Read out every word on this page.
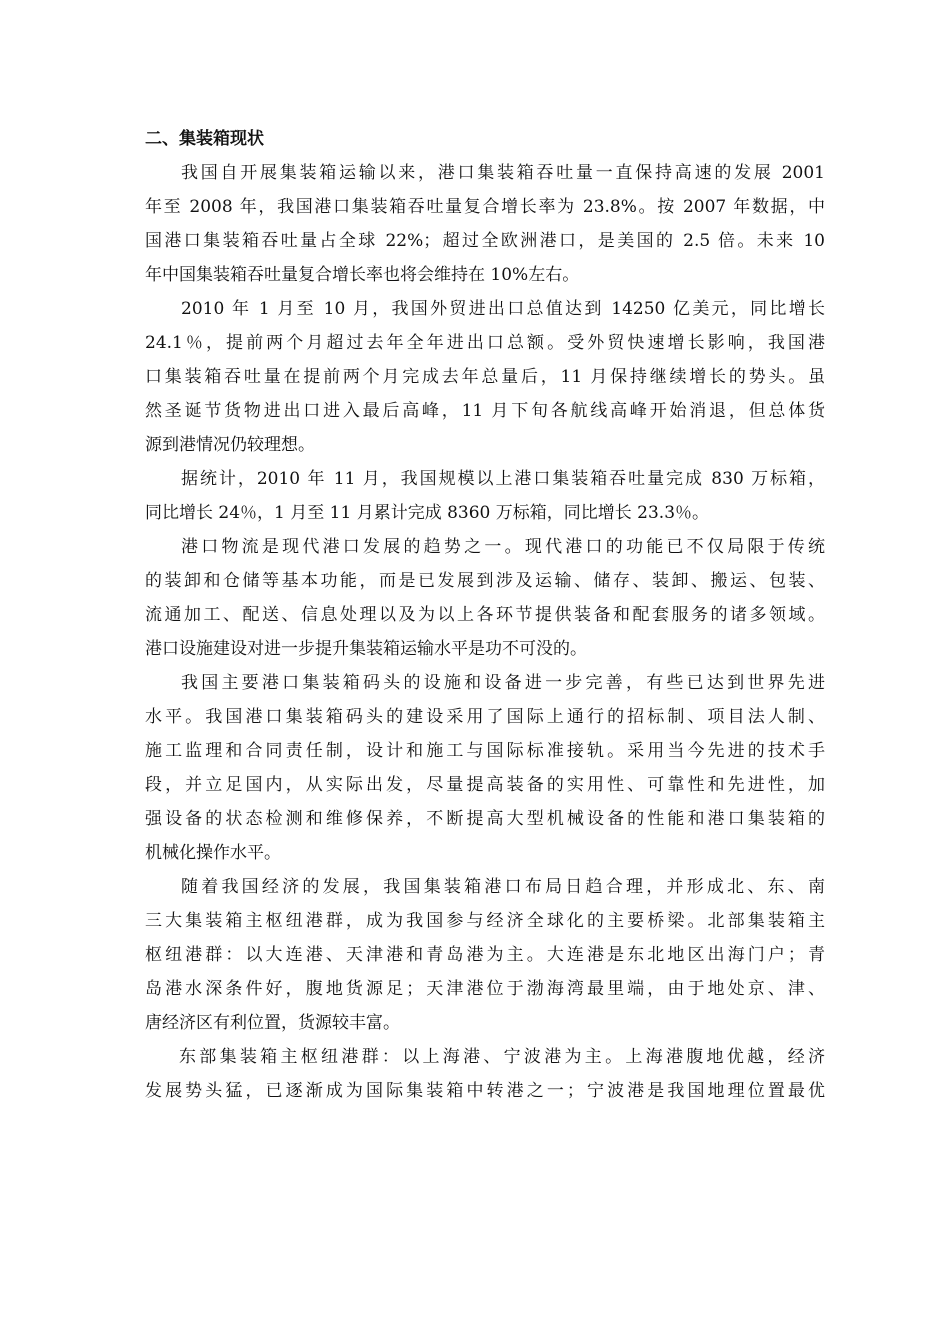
二、集装箱现状
我国自开展集装箱运输以来，港口集装箱吞吐量一直保持高速的发展 2001
年至 2008 年，我国港口集装箱吞吐量复合增长率为 23.8%。按 2007 年数据，中
国港口集装箱吞吐量占全球 22%；超过全欧洲港口，是美国的 2.5 倍。未来 10
年中国集装箱吞吐量复合增长率也将会维持在 10%左右。
2010 年 1 月至 10 月，我国外贸进出口总值达到 14250 亿美元，同比增长
24.1％，提前两个月超过去年全年进出口总额。受外贸快速增长影响，我国港
口集装箱吞吐量在提前两个月完成去年总量后，11 月保持继续增长的势头。虽
然圣诞节货物进出口进入最后高峰，11 月下旬各航线高峰开始消退，但总体货
源到港情况仍较理想。
据统计，2010 年 11 月，我国规模以上港口集装箱吞吐量完成 830 万标箱，
同比增长 24％，1 月至 11 月累计完成 8360 万标箱，同比增长 23.3％。
港口物流是现代港口发展的趋势之一。现代港口的功能已不仅局限于传统
的装卸和仓储等基本功能，而是已发展到涉及运输、储存、装卸、搬运、包装、
流通加工、配送、信息处理以及为以上各环节提供装备和配套服务的诸多领域。
港口设施建设对进一步提升集装箱运输水平是功不可没的。
我国主要港口集装箱码头的设施和设备进一步完善，有些已达到世界先进
水平。我国港口集装箱码头的建设采用了国际上通行的招标制、项目法人制、
施工监理和合同责任制，设计和施工与国际标准接轨。采用当今先进的技术手
段，并立足国内，从实际出发，尽量提高装备的实用性、可靠性和先进性，加
强设备的状态检测和维修保养，不断提高大型机械设备的性能和港口集装箱的
机械化操作水平。
随着我国经济的发展，我国集装箱港口布局日趋合理，并形成北、东、南
三大集装箱主枢纽港群，成为我国参与经济全球化的主要桥梁。北部集装箱主
枢纽港群：以大连港、天津港和青岛港为主。大连港是东北地区出海门户；青
岛港水深条件好，腹地货源足；天津港位于渤海湾最里端，由于地处京、津、
唐经济区有利位置，货源较丰富。
东部集装箱主枢纽港群：以上海港、宁波港为主。上海港腹地优越，经济
发展势头猛，已逐渐成为国际集装箱中转港之一；宁波港是我国地理位置最优
